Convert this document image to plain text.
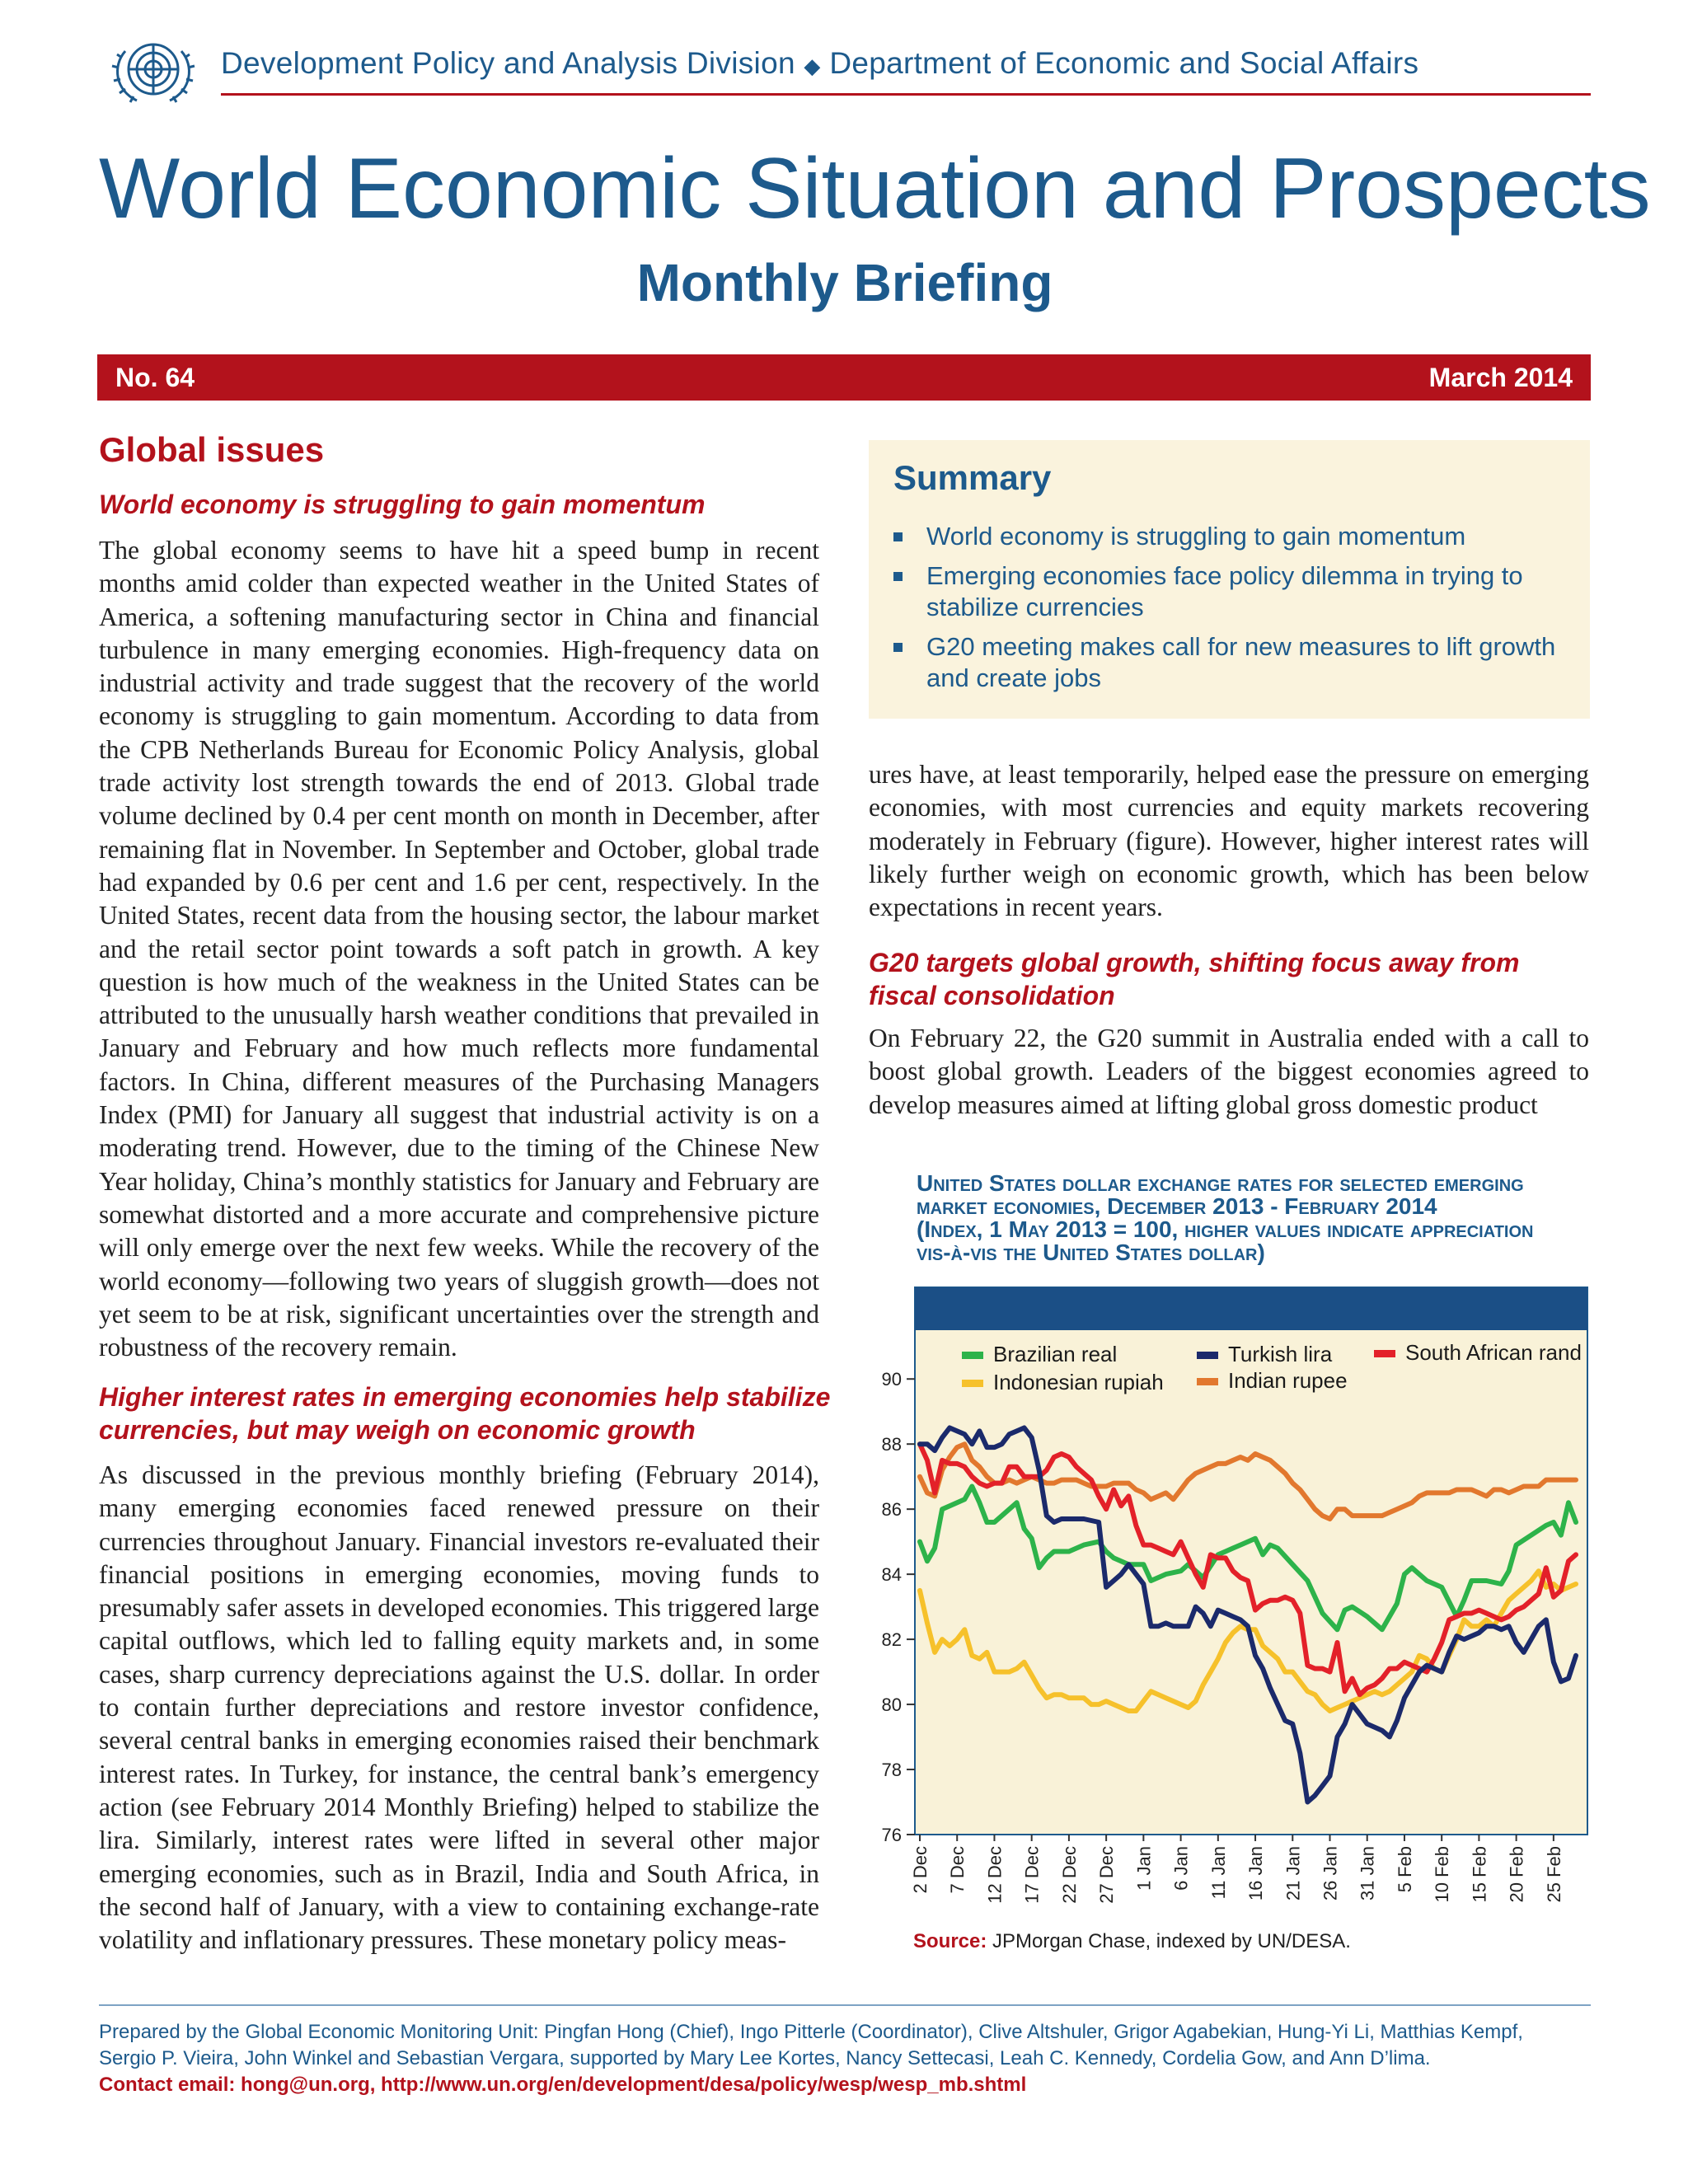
Development Policy and Analysis Division ◆ Department of Economic and Social Affairs
World Economic Situation and Prospects
Monthly Briefing
No. 64	March 2014
Global issues
World economy is struggling to gain momentum
The global economy seems to have hit a speed bump in recent months amid colder than expected weather in the United States of America, a softening manufacturing sector in China and financial turbulence in many emerging economies. High-frequency data on industrial activity and trade suggest that the recovery of the world economy is struggling to gain momentum. According to data from the CPB Netherlands Bureau for Economic Policy Analysis, global trade activity lost strength towards the end of 2013. Global trade volume declined by 0.4 per cent month on month in December, after remaining flat in November. In September and October, global trade had expanded by 0.6 per cent and 1.6 per cent, respectively. In the United States, recent data from the housing sector, the labour market and the retail sector point towards a soft patch in growth. A key question is how much of the weakness in the United States can be attributed to the unusually harsh weather conditions that prevailed in January and February and how much reflects more fundamental factors. In China, different measures of the Purchasing Managers Index (PMI) for January all suggest that industrial activity is on a moderating trend. However, due to the timing of the Chinese New Year holiday, China’s monthly statistics for January and February are somewhat distorted and a more accurate and comprehensive picture will only emerge over the next few weeks. While the recovery of the world economy—following two years of sluggish growth—does not yet seem to be at risk, significant uncertainties over the strength and robustness of the recovery remain.
Higher interest rates in emerging economies help stabilize currencies, but may weigh on economic growth
As discussed in the previous monthly briefing (February 2014), many emerging economies faced renewed pressure on their currencies throughout January. Financial investors re-evaluated their financial positions in emerging economies, moving funds to presumably safer assets in developed economies. This triggered large capital outflows, which led to falling equity markets and, in some cases, sharp currency depreciations against the U.S. dollar. In order to contain further depreciations and restore investor confidence, several central banks in emerging economies raised their benchmark interest rates. In Turkey, for instance, the central bank’s emergency action (see February 2014 Monthly Briefing) helped to stabilize the lira. Similarly, interest rates were lifted in several other major emerging economies, such as in Brazil, India and South Africa, in the second half of January, with a view to containing exchange-rate volatility and inflationary pressures. These monetary policy meas-
Summary
World economy is struggling to gain momentum
Emerging economies face policy dilemma in trying to stabilize currencies
G20 meeting makes call for new measures to lift growth and create jobs
ures have, at least temporarily, helped ease the pressure on emerging economies, with most currencies and equity markets recovering moderately in February (figure). However, higher interest rates will likely further weigh on economic growth, which has been below expectations in recent years.
G20 targets global growth, shifting focus away from fiscal consolidation
On February 22, the G20 summit in Australia ended with a call to boost global growth. Leaders of the biggest economies agreed to develop measures aimed at lifting global gross domestic product
United States dollar exchange rates for selected emerging
market economies, December 2013 - February 2014
(Index, 1 May 2013 = 100, higher values indicate appreciation
vis-à-vis the United States dollar)
76
78
80
82
84
86
88
90
2 Dec 7 Dec 12 Dec 17 Dec 22 Dec 27 Dec 1 Jan 6 Jan 11 Jan 16 Jan 21 Jan 26 Jan 31 Jan 5 Feb 10 Feb 15 Feb 20 Feb 25 Feb
Brazilian real	Turkish lira	South African rand
Indonesian rupiah	Indian rupee
Source: JPMorgan Chase, indexed by UN/DESA.
Prepared by the Global Economic Monitoring Unit: Pingfan Hong (Chief), Ingo Pitterle (Coordinator), Clive Altshuler, Grigor Agabekian, Hung-Yi Li, Matthias Kempf,
Sergio P. Vieira, John Winkel and Sebastian Vergara, supported by Mary Lee Kortes, Nancy Settecasi, Leah C. Kennedy, Cordelia Gow, and Ann D’lima.
Contact email: hong@un.org, http://www.un.org/en/development/desa/policy/wesp/wesp_mb.shtml
